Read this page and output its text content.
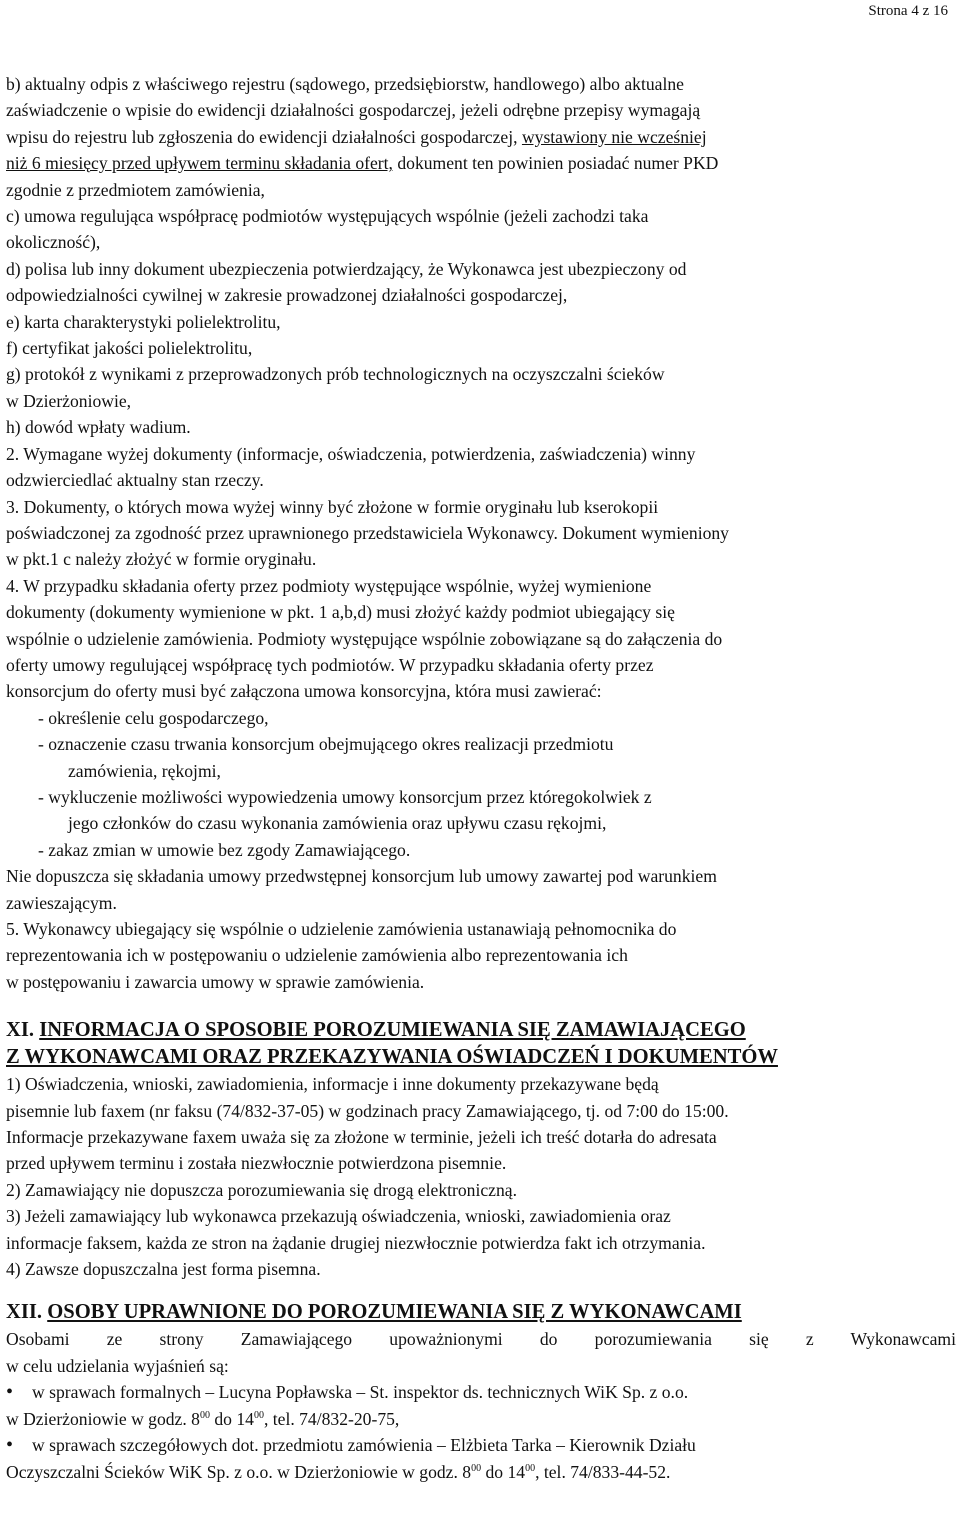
Strona 4 z 16
b) aktualny odpis z właściwego rejestru (sądowego, przedsiębiorstw, handlowego) albo aktualne
zaświadczenie o wpisie do ewidencji działalności gospodarczej, jeżeli odrębne przepisy wymagają
wpisu do rejestru lub zgłoszenia do ewidencji działalności gospodarczej, wystawiony nie wcześniej
niż 6 miesięcy przed upływem terminu składania ofert, dokument ten powinien posiadać numer PKD
zgodnie z przedmiotem zamówienia,
c) umowa regulująca współpracę podmiotów występujących wspólnie (jeżeli zachodzi taka
okoliczność),
d) polisa lub inny dokument ubezpieczenia potwierdzający, że Wykonawca jest ubezpieczony od
odpowiedzialności cywilnej w zakresie prowadzonej działalności gospodarczej,
e) karta charakterystyki polielektrolitu,
f) certyfikat jakości polielektrolitu,
g) protokół z wynikami z przeprowadzonych prób technologicznych na oczyszczalni ścieków
w Dzierżoniowie,
h) dowód wpłaty wadium.
2. Wymagane wyżej dokumenty (informacje, oświadczenia, potwierdzenia, zaświadczenia) winny
odzwierciedlać aktualny stan rzeczy.
3. Dokumenty, o których mowa wyżej winny być złożone w formie oryginału lub kserokopii
poświadczonej za zgodność przez uprawnionego przedstawiciela Wykonawcy. Dokument wymieniony
w pkt.1 c należy złożyć w formie oryginału.
4. W przypadku składania oferty przez podmioty występujące wspólnie, wyżej wymienione
dokumenty (dokumenty wymienione w pkt. 1 a,b,d) musi złożyć każdy podmiot ubiegający się
wspólnie o udzielenie zamówienia. Podmioty występujące wspólnie zobowiązane są do załączenia do
oferty umowy regulującej współpracę tych podmiotów. W przypadku składania oferty przez
konsorcjum do oferty musi być załączona umowa konsorcyjna, która musi zawierać:
- określenie celu gospodarczego,
- oznaczenie czasu trwania konsorcjum obejmującego okres realizacji przedmiotu
zamówienia, rękojmi,
- wykluczenie możliwości wypowiedzenia umowy konsorcjum przez któregokolwiek z
jego członków do czasu wykonania zamówienia oraz upływu czasu rękojmi,
- zakaz zmian w umowie bez zgody Zamawiającego.
Nie dopuszcza się składania umowy przedwstępnej konsorcjum lub umowy zawartej pod warunkiem
zawieszającym.
5. Wykonawcy ubiegający się wspólnie o udzielenie zamówienia ustanawiają pełnomocnika do
reprezentowania ich w postępowaniu o udzielenie zamówienia albo reprezentowania ich
w postępowaniu i zawarcia umowy w sprawie zamówienia.
XI. INFORMACJA O SPOSOBIE POROZUMIEWANIA SIĘ ZAMAWIAJĄCEGO
Z WYKONAWCAMI ORAZ PRZEKAZYWANIA OŚWIADCZEŃ I DOKUMENTÓW
1) Oświadczenia, wnioski, zawiadomienia, informacje i inne dokumenty przekazywane będą
pisemnie lub faxem (nr faksu (74/832-37-05) w godzinach pracy Zamawiającego, tj. od 7:00 do 15:00.
Informacje przekazywane faxem uważa się za złożone w terminie, jeżeli ich treść dotarła do adresata
przed upływem terminu i została niezwłocznie potwierdzona pisemnie.
2) Zamawiający nie dopuszcza porozumiewania się drogą elektroniczną.
3) Jeżeli zamawiający lub wykonawca przekazują oświadczenia, wnioski, zawiadomienia oraz
informacje faksem, każda ze stron na żądanie drugiej niezwłocznie potwierdza fakt ich otrzymania.
4) Zawsze dopuszczalna jest forma pisemna.
XII. OSOBY UPRAWNIONE DO POROZUMIEWANIA SIĘ Z WYKONAWCAMI
Osobami ze strony Zamawiającego upoważnionymi do porozumiewania się z Wykonawcami
w celu udzielania wyjaśnień są:
• w sprawach formalnych – Lucyna Popławska – St. inspektor ds. technicznych WiK Sp. z o.o.
w Dzierżoniowie w godz. $8^{00}$ do $14^{00}$, tel. 74/832-20-75,
• w sprawach szczegółowych dot. przedmiotu zamówienia – Elżbieta Tarka – Kierownik Działu
Oczyszczalni Ścieków WiK Sp. z o.o. w Dzierżoniowie w godz. $8^{00}$ do $14^{00}$, tel. 74/833-44-52.
